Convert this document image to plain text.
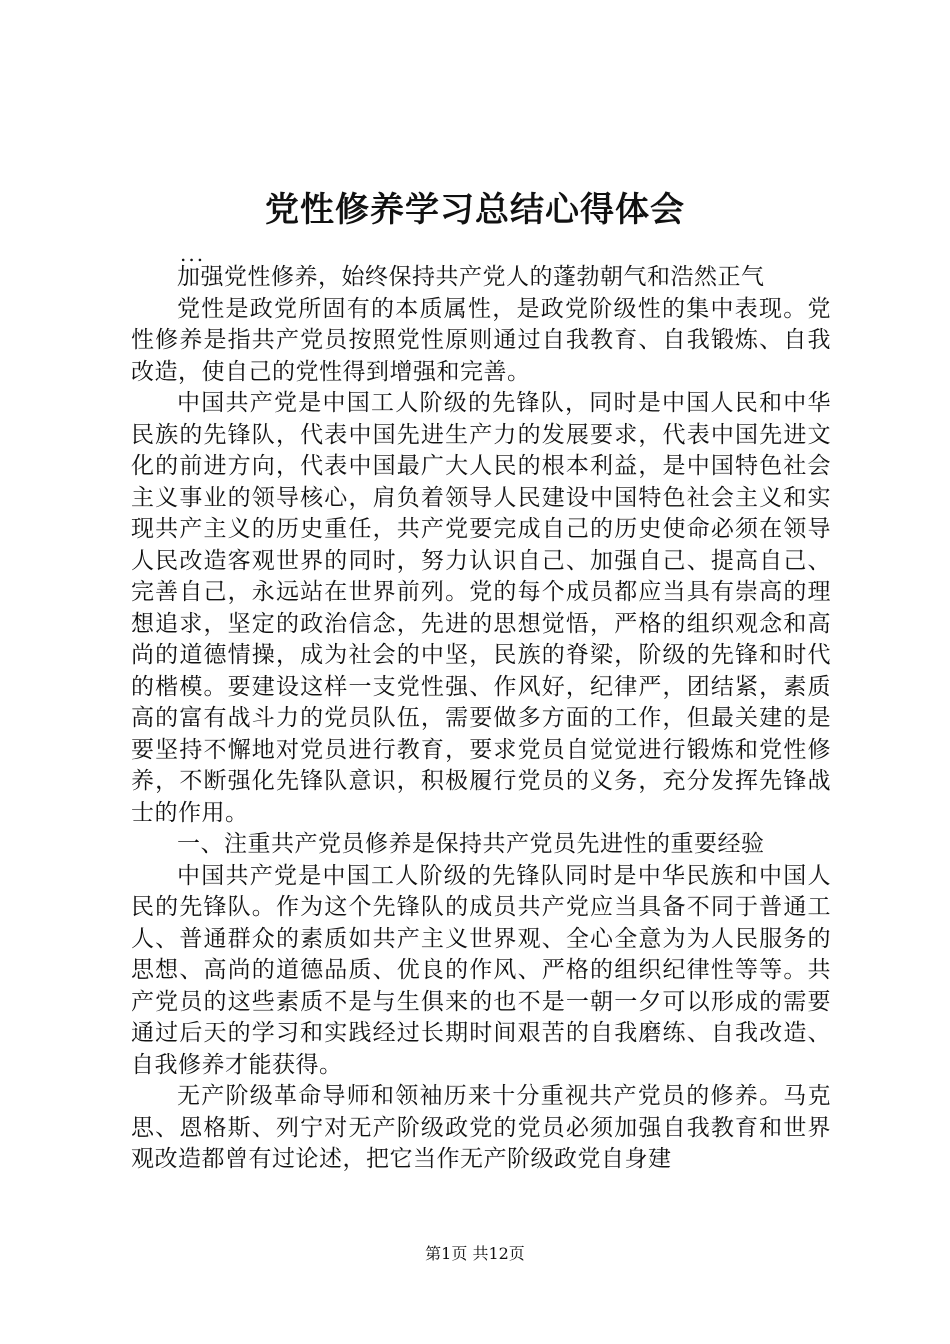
党性修养学习总结心得体会
...

加强党性修养，始终保持共产党人的蓬勃朝气和浩然正气

党性是政党所固有的本质属性，是政党阶级性的集中表现。党性修养是指共产党员按照党性原则通过自我教育、自我锻炼、自我改造，使自己的党性得到增强和完善。

中国共产党是中国工人阶级的先锋队，同时是中国人民和中华民族的先锋队，代表中国先进生产力的发展要求，代表中国先进文化的前进方向，代表中国最广大人民的根本利益，是中国特色社会主义事业的领导核心，肩负着领导人民建设中国特色社会主义和实现共产主义的历史重任，共产党要完成自己的历史使命必须在领导人民改造客观世界的同时，努力认识自己、加强自己、提高自己、完善自己，永远站在世界前列。党的每个成员都应当具有崇高的理想追求，坚定的政治信念，先进的思想觉悟，严格的组织观念和高尚的道德情操，成为社会的中坚，民族的脊梁，阶级的先锋和时代的楷模。要建设这样一支党性强、作风好，纪律严，团结紧，素质高的富有战斗力的党员队伍，需要做多方面的工作，但最关建的是要坚持不懈地对党员进行教育，要求党员自觉觉进行锻炼和党性修养，不断强化先锋队意识，积极履行党员的义务，充分发挥先锋战士的作用。

一、注重共产党员修养是保持共产党员先进性的重要经验

中国共产党是中国工人阶级的先锋队同时是中华民族和中国人民的先锋队。作为这个先锋队的成员共产党应当具备不同于普通工人、普通群众的素质如共产主义世界观、全心全意为为人民服务的思想、高尚的道德品质、优良的作风、严格的组织纪律性等等。共产党员的这些素质不是与生俱来的也不是一朝一夕可以形成的需要通过后天的学习和实践经过长期时间艰苦的自我磨练、自我改造、自我修养才能获得。

无产阶级革命导师和领袖历来十分重视共产党员的修养。马克思、恩格斯、列宁对无产阶级政党的党员必须加强自我教育和世界观改造都曾有过论述，把它当作无产阶级政党自身建

第1页 共12页
